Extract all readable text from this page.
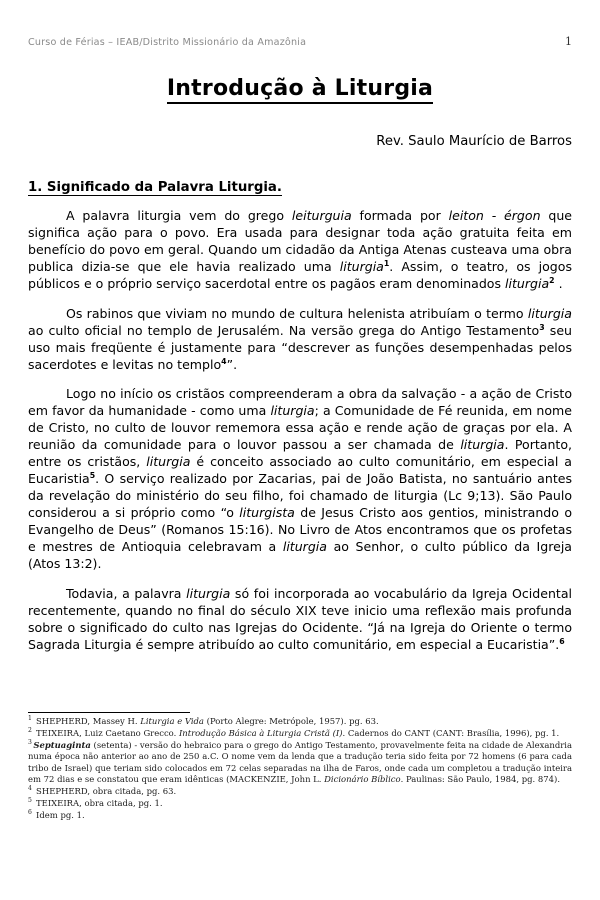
Curso de Férias – IEAB/Distrito Missionário da Amazônia	1
Introdução à Liturgia
Rev. Saulo Maurício de Barros
1. Significado da Palavra Liturgia.

A palavra liturgia vem do grego leiturguia formada por leiton - érgon que significa ação para o povo. Era usada para designar toda ação gratuita feita em benefício do povo em geral. Quando um cidadão da Antiga Atenas custeava uma obra publica dizia-se que ele havia realizado uma liturgia$^1$. Assim, o teatro, os jogos públicos e o próprio serviço sacerdotal entre os pagãos eram denominados liturgia$^2$ .

Os rabinos que viviam no mundo de cultura helenista atribuíam o termo liturgia ao culto oficial no templo de Jerusalém. Na versão grega do Antigo Testamento$^3$ seu uso mais freqüente é justamente para “descrever as funções desempenhadas pelos sacerdotes e levitas no templo$^4$”.

Logo no início os cristãos compreenderam a obra da salvação - a ação de Cristo em favor da humanidade - como uma liturgia; a Comunidade de Fé reunida, em nome de Cristo, no culto de louvor rememora essa ação e rende ação de graças por ela. A reunião da comunidade para o louvor passou a ser chamada de liturgia. Portanto, entre os cristãos, liturgia é conceito associado ao culto comunitário, em especial a Eucaristia$^5$. O serviço realizado por Zacarias, pai de João Batista, no santuário antes da revelação do ministério do seu filho, foi chamado de liturgia (Lc 9;13). São Paulo considerou a si próprio como “o liturgista de Jesus Cristo aos gentios, ministrando o Evangelho de Deus” (Romanos 15:16). No Livro de Atos encontramos que os profetas e mestres de Antioquia celebravam a liturgia ao Senhor, o culto público da Igreja (Atos 13:2).

Todavia, a palavra liturgia só foi incorporada ao vocabulário da Igreja Ocidental recentemente, quando no final do século XIX teve inicio uma reflexão mais profunda sobre o significado do culto nas Igrejas do Ocidente. “Já na Igreja do Oriente o termo Sagrada Liturgia é sempre atribuído ao culto comunitário, em especial a Eucaristia”.$^6$

$^1$ SHEPHERD, Massey H. Liturgia e Vida (Porto Alegre: Metrópole, 1957). pg. 63.

$^2$ TEIXEIRA, Luiz Caetano Grecco. Introdução Básica à Liturgia Cristã (I). Cadernos do CANT (CANT: Brasília, 1996), pg. 1.

$^3$ Septuaginta (setenta) - versão do hebraico para o grego do Antigo Testamento, provavelmente feita na cidade de Alexandria numa época não anterior ao ano de 250 a.C. O nome vem da lenda que a tradução teria sido feita por 72 homens (6 para cada tribo de Israel) que teriam sido colocados em 72 celas separadas na ilha de Faros, onde cada um completou a tradução inteira em 72 dias e se constatou que eram idênticas (MACKENZIE, John L. Dicionário Bíblico. Paulinas: São Paulo, 1984, pg. 874).

$^4$ SHEPHERD, obra citada, pg. 63.

$^5$ TEIXEIRA, obra citada, pg. 1.

$^6$ Idem pg. 1.
